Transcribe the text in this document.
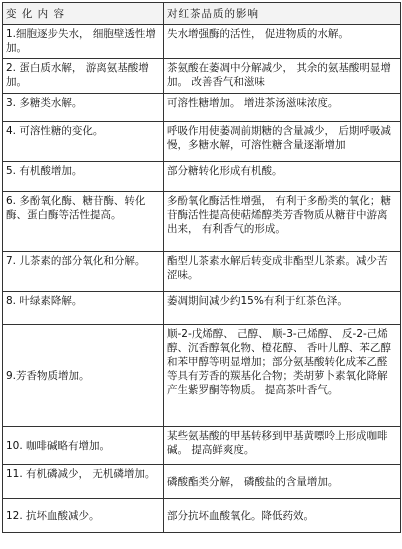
变 化 内 容	对红茶品质的影响
1.细胞逐步失水， 细胞壁透性增加。	失水增强酶的活性， 促进物质的水解。
2. 蛋白质水解， 游离氨基酸增加。	茶氨酸在萎凋中分解减少， 其余的氨基酸明显增加。 改善香气和滋味
3. 多糖类水解。	可溶性糖增加。 增进茶汤滋味浓度。
4. 可溶性糖的变化。	呼吸作用使萎凋前期糖的含量减少， 后期呼吸减慢，多糖水解，可溶性糖含量逐渐增加
5. 有机酸增加。	部分糖转化形成有机酸。
6. 多酚氧化酶、糖苷酶、转化酶、蛋白酶等活性提高。	多酚氧化酶活性增强， 有利于多酚类的氧化；糖苷酶活性提高使萜烯醇类芳香物质从糖苷中游离出来， 有利香气的形成。
7. 儿茶素的部分氧化和分解。	酯型儿茶素水解后转变成非酯型儿茶素。减少苦涩味。
8. 叶绿素降解。	萎凋期间减少约15%有利于红茶色泽。
9.芳香物质增加。	顺-2-戊烯醇、 己醇、 顺-3-己烯醇、 反-2-己烯醇、沉香醇氧化物、橙花醇、 香叶儿醇、苯乙醇和苯甲醇等明显增加；部分氨基酸转化成苯乙醛等具有芳香的羰基化合物；类胡萝卜素氧化降解产生紫罗酮等物质。 提高茶叶香气。
10. 咖啡碱略有增加。	某些氨基酸的甲基转移到甲基黄嘌呤上形成咖啡碱。 提高鲜爽度。
11. 有机磷减少， 无机磷增加。	磷酸酯类分解， 磷酸盐的含量增加。
12. 抗坏血酸减少。	部分抗坏血酸氧化。降低药效。
